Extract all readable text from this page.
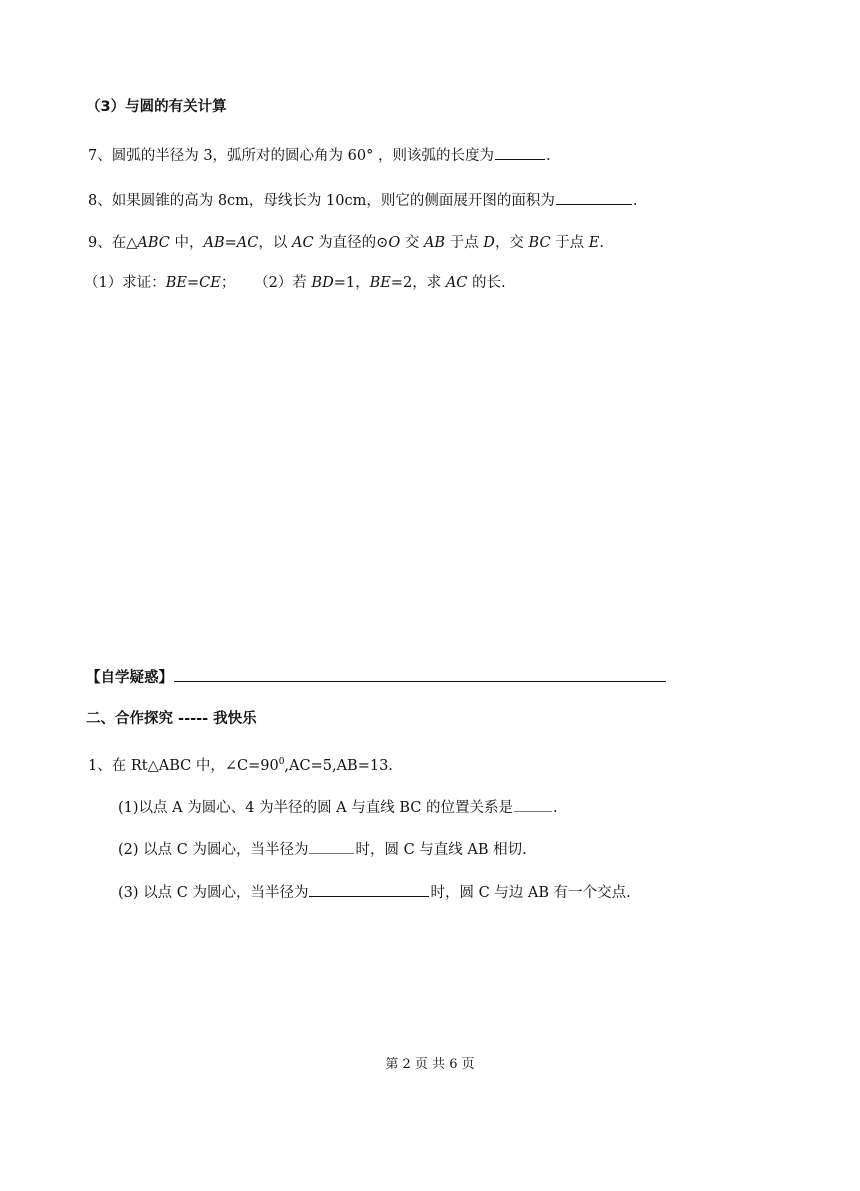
（3）与圆的有关计算
7、圆弧的半径为 3，弧所对的圆心角为 60° ，则该弧的长度为	.
8、如果圆锥的高为 8cm，母线长为 10cm，则它的侧面展开图的面积为	.
9、在△ABC 中，AB=AC，以 AC 为直径的⊙O 交 AB 于点 D，交 BC 于点 E.
（1）求证：BE=CE； （2）若 BD=1，BE=2，求 AC 的长.
【自学疑惑】
二、合作探究 ----- 我快乐
1、在 Rt△ABC 中，$\angle C=90^0,AC=5,AB=13$.
(1)以点 A 为圆心、4 为半径的圆 A 与直线 BC 的位置关系是	.
(2) 以点 C 为圆心，当半径为	时，圆 C 与直线 AB 相切.
(3) 以点 C 为圆心，当半径为	时，圆 C 与边 AB 有一个交点.
第 2 页 共 6 页
